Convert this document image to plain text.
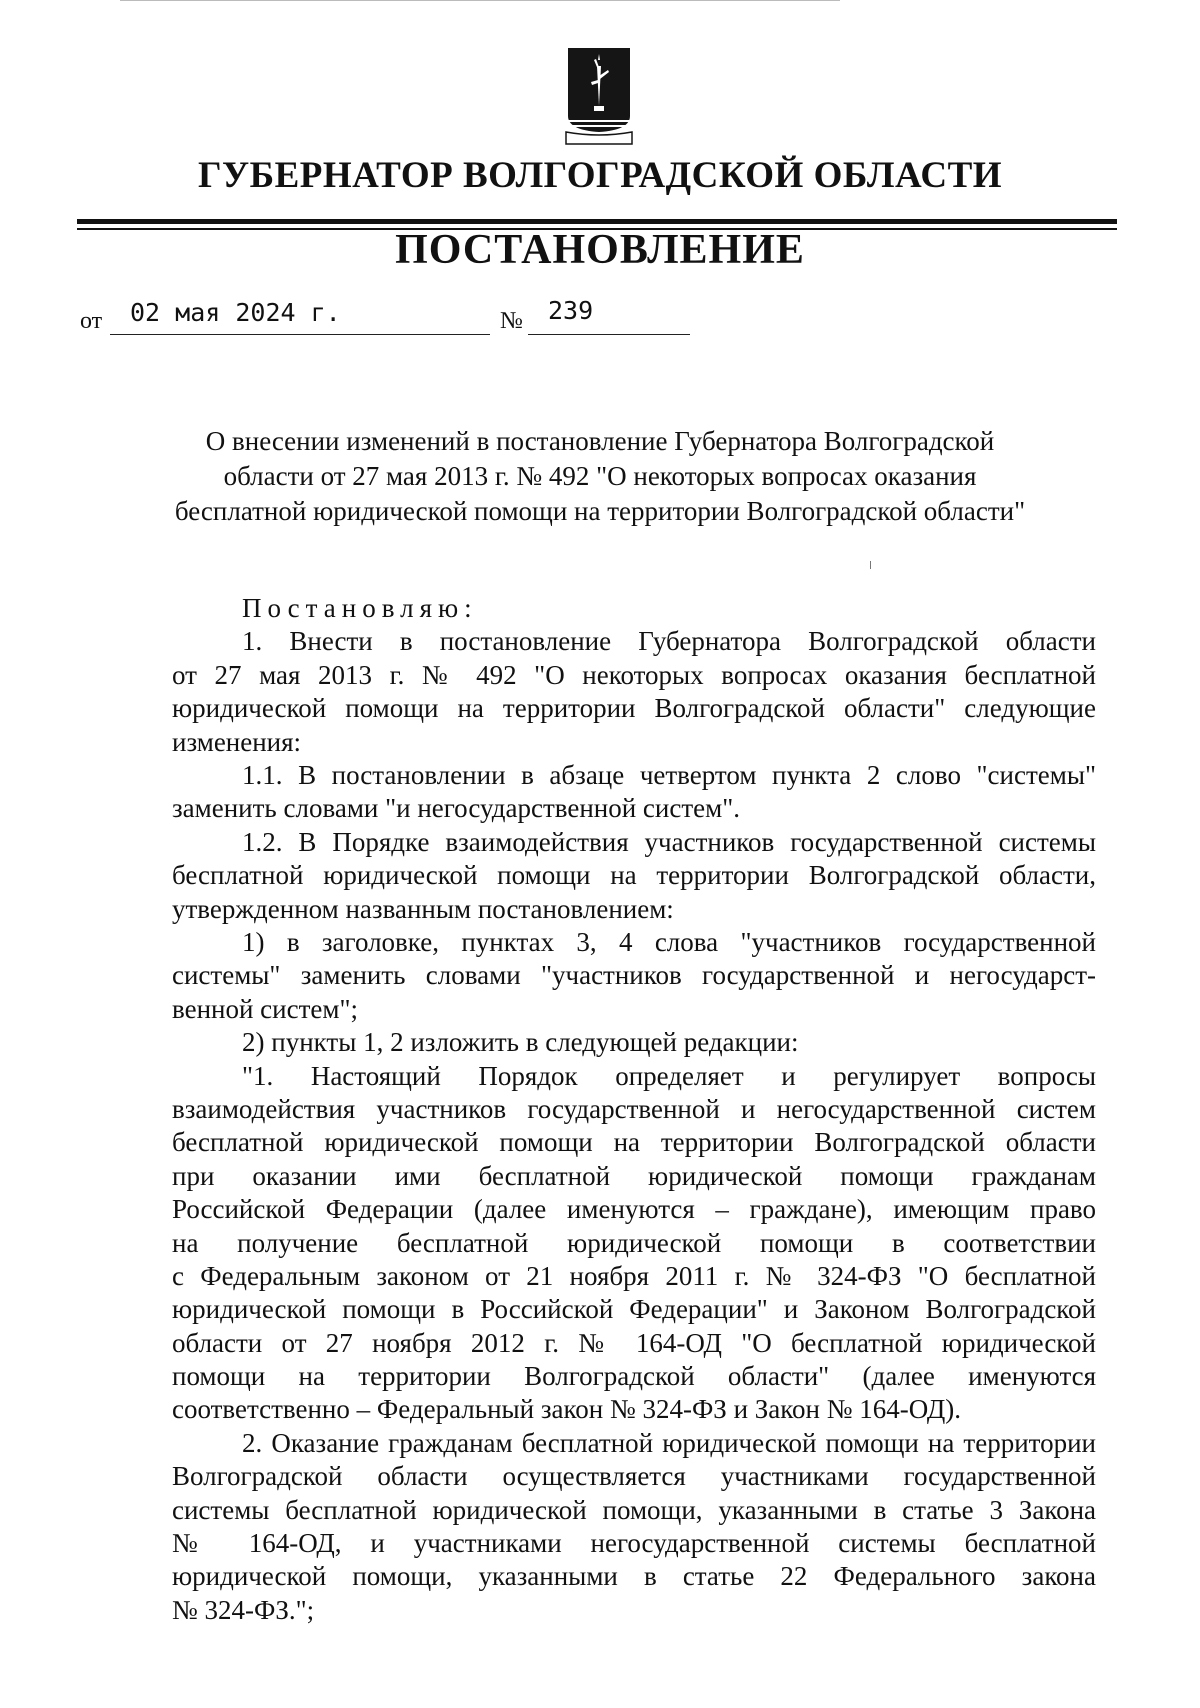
ГУБЕРНАТОР ВОЛГОГРАДСКОЙ ОБЛАСТИ
ПОСТАНОВЛЕНИЕ
от 02 мая 2024 г.	№ 239
О внесении изменений в постановление Губернатора Волгоградской
области от 27 мая 2013 г. № 492 "О некоторых вопросах оказания
бесплатной юридической помощи на территории Волгоградской области"
Постановляю:
1. Внести в постановление Губернатора Волгоградской области
от 27 мая 2013 г. № 492 "О некоторых вопросах оказания бесплатной
юридической помощи на территории Волгоградской области" следующие
изменения:
1.1. В постановлении в абзаце четвертом пункта 2 слово "системы"
заменить словами "и негосударственной систем".
1.2. В Порядке взаимодействия участников государственной системы
бесплатной юридической помощи на территории Волгоградской области,
утвержденном названным постановлением:
1) в заголовке, пунктах 3, 4 слова "участников государственной
системы" заменить словами "участников государственной и негосударст-
венной систем";
2) пункты 1, 2 изложить в следующей редакции:
"1. Настоящий Порядок определяет и регулирует вопросы
взаимодействия участников государственной и негосударственной систем
бесплатной юридической помощи на территории Волгоградской области
при оказании ими бесплатной юридической помощи гражданам
Российской Федерации (далее именуются – граждане), имеющим право
на получение бесплатной юридической помощи в соответствии
с Федеральным законом от 21 ноября 2011 г. № 324-ФЗ "О бесплатной
юридической помощи в Российской Федерации" и Законом Волгоградской
области от 27 ноября 2012 г. № 164-ОД "О бесплатной юридической
помощи на территории Волгоградской области" (далее именуются
соответственно – Федеральный закон № 324-ФЗ и Закон № 164-ОД).
2. Оказание гражданам бесплатной юридической помощи на территории
Волгоградской области осуществляется участниками государственной
системы бесплатной юридической помощи, указанными в статье 3 Закона
№ 164-ОД, и участниками негосударственной системы бесплатной
юридической помощи, указанными в статье 22 Федерального закона
№ 324-ФЗ.";
